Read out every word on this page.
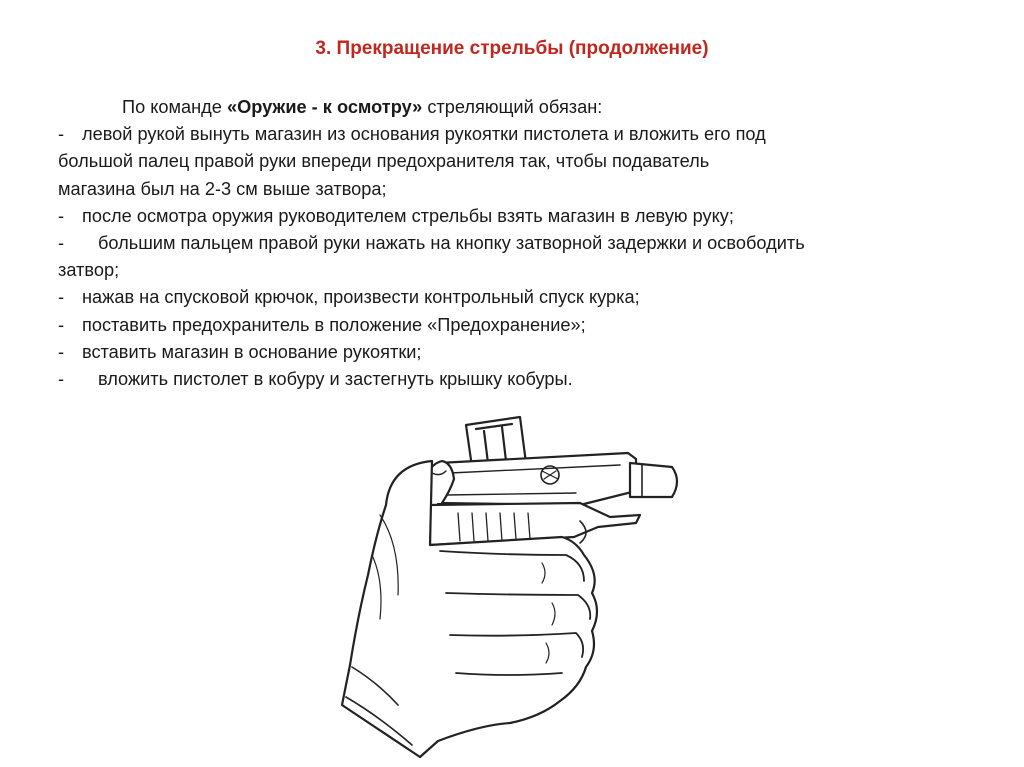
3. Прекращение стрельбы (продолжение)
По команде «Оружие - к осмотру» стреляющий обязан:
- левой рукой вынуть магазин из основания рукоятки пистолета и вложить его под
большой палец правой руки впереди предохранителя так, чтобы подаватель
магазина был на 2-3 см выше затвора;
- после осмотра оружия руководителем стрельбы взять магазин в левую руку;
- большим пальцем правой руки нажать на кнопку затворной задержки и освободить
затвор;
- нажав на спусковой крючок, произвести контрольный спуск курка;
- поставить предохранитель в положение «Предохранение»;
- вставить магазин в основание рукоятки;
- вложить пистолет в кобуру и застегнуть крышку кобуры.
